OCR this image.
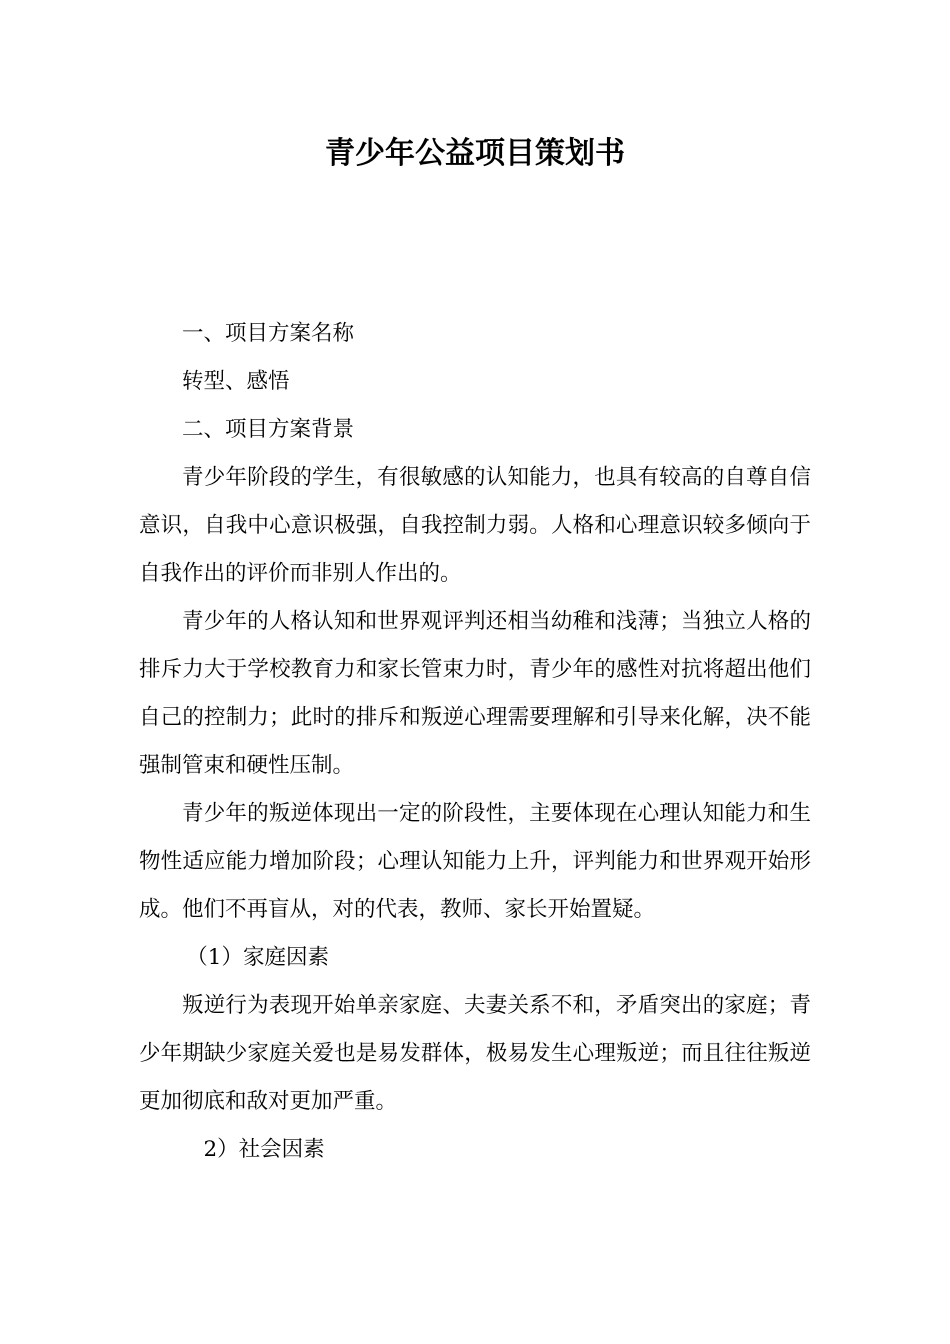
青少年公益项目策划书

一、项目方案名称

转型、感悟

二、项目方案背景

青少年阶段的学生，有很敏感的认知能力，也具有较高的自尊自信意识，自我中心意识极强，自我控制力弱。人格和心理意识较多倾向于自我作出的评价而非别人作出的。

青少年的人格认知和世界观评判还相当幼稚和浅薄；当独立人格的排斥力大于学校教育力和家长管束力时，青少年的感性对抗将超出他们自己的控制力；此时的排斥和叛逆心理需要理解和引导来化解，决不能强制管束和硬性压制。

青少年的叛逆体现出一定的阶段性，主要体现在心理认知能力和生物性适应能力增加阶段；心理认知能力上升，评判能力和世界观开始形成。他们不再盲从，对的代表，教师、家长开始置疑。

（1）家庭因素

叛逆行为表现开始单亲家庭、夫妻关系不和，矛盾突出的家庭；青少年期缺少家庭关爱也是易发群体，极易发生心理叛逆；而且往往叛逆更加彻底和敌对更加严重。

2）社会因素
